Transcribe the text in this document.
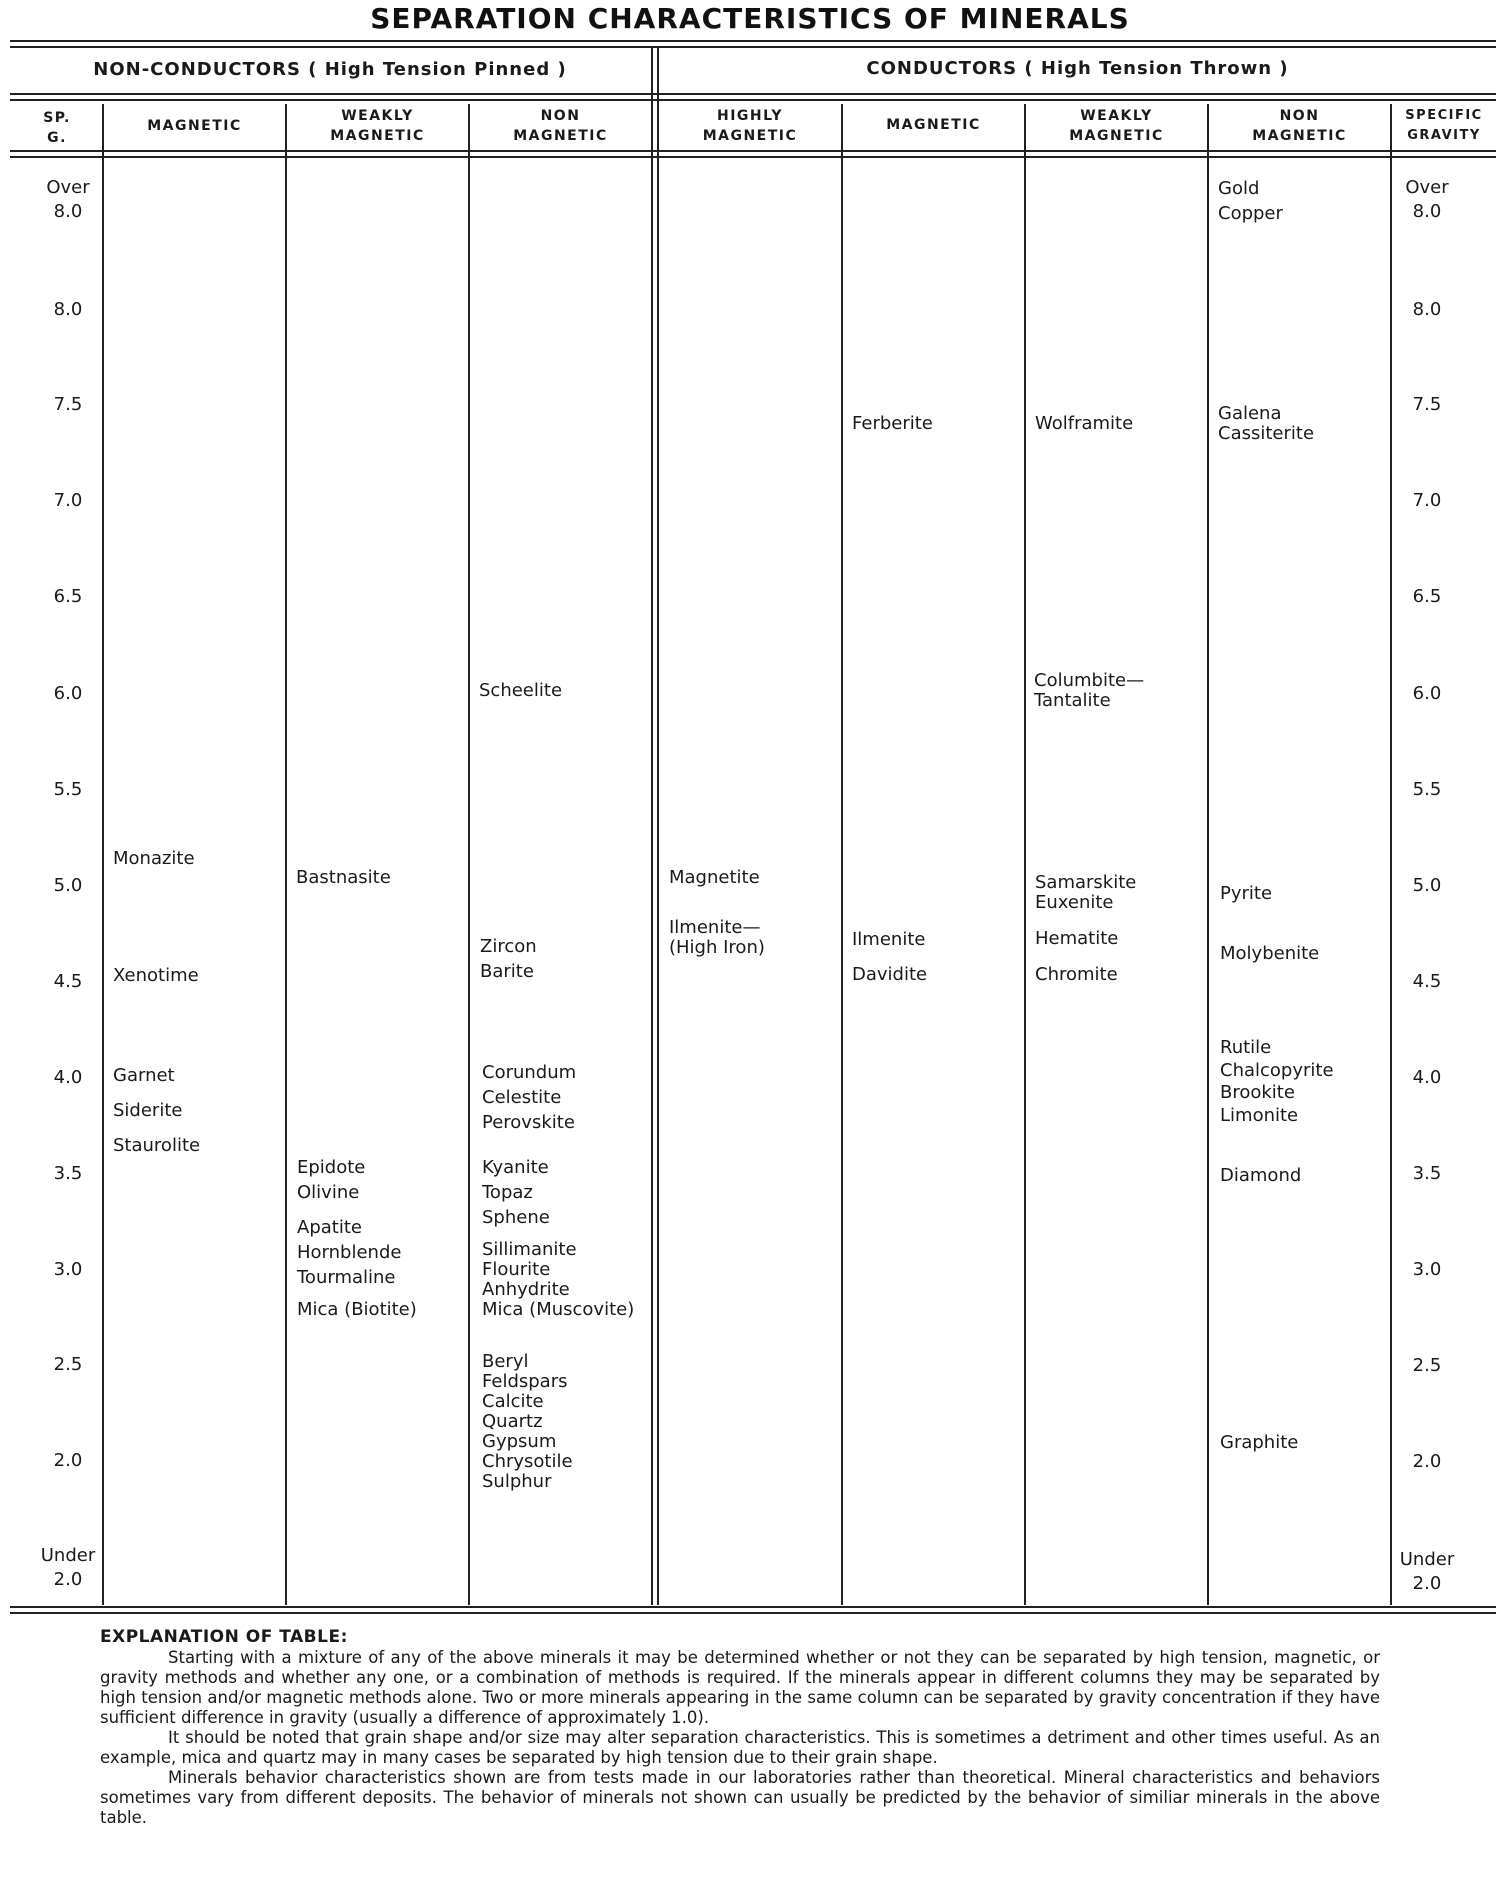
SEPARATION CHARACTERISTICS OF MINERALS
NON-CONDUCTORS ( High Tension Pinned )	CONDUCTORS ( High Tension Thrown )
SP.
G.
MAGNETIC
WEAKLY
MAGNETIC
NON
MAGNETIC
HIGHLY
MAGNETIC
MAGNETIC
WEAKLY
MAGNETIC
NON
MAGNETIC
SPECIFIC
GRAVITY
Over
8.0
8.0
7.5
7.0
6.5
6.0
5.5
5.0
4.5
4.0
3.5
3.0
2.5
2.0
Under
2.0
Over
8.0
8.0
7.5
7.0
6.5
6.0
5.5
5.0
4.5
4.0
3.5
3.0
2.5
2.0
Under
2.0
Monazite
Xenotime
Garnet
Siderite
Staurolite
Bastnasite
Epidote
Olivine
Apatite
Hornblende
Tourmaline
Mica (Biotite)
Scheelite
Zircon
Barite
Corundum
Celestite
Perovskite
Kyanite
Topaz
Sphene
Sillimanite
Flourite
Anhydrite
Mica (Muscovite)
Beryl
Feldspars
Calcite
Quartz
Gypsum
Chrysotile
Sulphur
Magnetite
Ilmenite—
(High Iron)
Ferberite
Ilmenite
Davidite
Wolframite
Columbite—
Tantalite
Samarskite
Euxenite
Hematite
Chromite
Gold
Copper
Galena
Cassiterite
Pyrite
Molybenite
Rutile
Chalcopyrite
Brookite
Limonite
Diamond
Graphite
EXPLANATION OF TABLE:

Starting with a mixture of any of the above minerals it may be determined whether or not they can be separated by high tension, magnetic, or gravity methods and whether any one, or a combination of methods is required. If the minerals appear in different columns they may be separated by high tension and/or magnetic methods alone. Two or more minerals appearing in the same column can be separated by gravity concentration if they have sufficient difference in gravity (usually a difference of approximately 1.0).

It should be noted that grain shape and/or size may alter separation characteristics. This is sometimes a detriment and other times useful. As an example, mica and quartz may in many cases be separated by high tension due to their grain shape.

Minerals behavior characteristics shown are from tests made in our laboratories rather than theoretical. Mineral characteristics and behaviors sometimes vary from different deposits. The behavior of minerals not shown can usually be predicted by the behavior of similiar minerals in the above table.
